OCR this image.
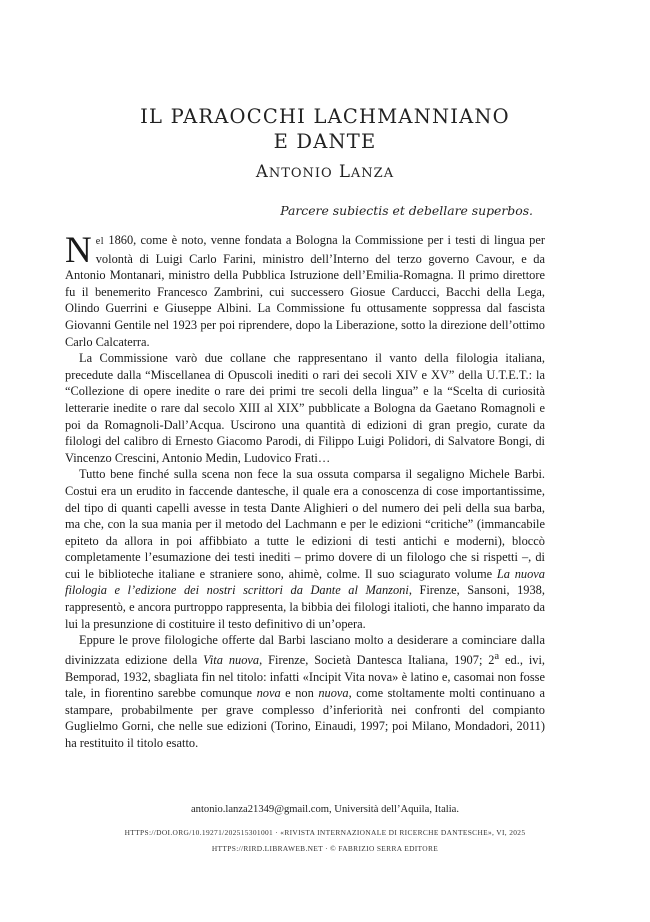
IL PARAOCCHI LACHMANNIANO
E DANTE
ANTONIO LANZA
Parcere subiectis et debellare superbos.

Nel 1860, come è noto, venne fondata a Bologna la Commissione per i testi di lingua per volontà di Luigi Carlo Farini, ministro dell’Interno del terzo governo Cavour, e da Antonio Montanari, ministro della Pubblica Istruzione dell’Emilia-Romagna. Il primo direttore fu il benemerito Francesco Zambrini, cui successero Giosue Carducci, Bacchi della Lega, Olindo Guerrini e Giuseppe Albini. La Commissione fu ottusamente soppressa dal fascista Giovanni Gentile nel 1923 per poi riprendere, dopo la Liberazione, sotto la direzione dell’ottimo Carlo Calcaterra.

La Commissione varò due collane che rappresentano il vanto della filologia italiana, precedute dalla “Miscellanea di Opuscoli inediti o rari dei secoli XIV e XV” della U.T.E.T.: la “Collezione di opere inedite o rare dei primi tre secoli della lingua” e la “Scelta di curiosità letterarie inedite o rare dal secolo XIII al XIX” pubblicate a Bologna da Gaetano Romagnoli e poi da Romagnoli-Dall’Acqua. Uscirono una quantità di edizioni di gran pregio, curate da filologi del calibro di Ernesto Giacomo Parodi, di Filippo Luigi Polidori, di Salvatore Bongi, di Vincenzo Crescini, Antonio Medin, Ludovico Frati…

Tutto bene finché sulla scena non fece la sua ossuta comparsa il segaligno Michele Barbi. Costui era un erudito in faccende dantesche, il quale era a conoscenza di cose importantissime, del tipo di quanti capelli avesse in testa Dante Alighieri o del numero dei peli della sua barba, ma che, con la sua mania per il metodo del Lachmann e per le edizioni “critiche” (immancabile epiteto da allora in poi affibbiato a tutte le edizioni di testi antichi e moderni), bloccò completamente l’esumazione dei testi inediti – primo dovere di un filologo che si rispetti –, di cui le biblioteche italiane e straniere sono, ahimè, colme. Il suo sciagurato volume La nuova filologia e l’edizione dei nostri scrittori da Dante al Manzoni, Firenze, Sansoni, 1938, rappresentò, e ancora purtroppo rappresenta, la bibbia dei filologi italioti, che hanno imparato da lui la presunzione di costituire il testo definitivo di un’opera.

Eppure le prove filologiche offerte dal Barbi lasciano molto a desiderare a cominciare dalla divinizzata edizione della Vita nuova, Firenze, Società Dantesca Italiana, 1907; 2$^a$ ed., ivi, Bemporad, 1932, sbagliata fin nel titolo: infatti «Incipit Vita nova» è latino e, casomai non fosse tale, in fiorentino sarebbe comunque nova e non nuova, come stoltamente molti continuano a stampare, probabilmente per grave complesso d’inferiorità nei confronti del compianto Guglielmo Gorni, che nelle sue edizioni (Torino, Einaudi, 1997; poi Milano, Mondadori, 2011) ha restituito il titolo esatto.

antonio.lanza21349@gmail.com, Università dell’Aquila, Italia.
HTTPS://DOI.ORG/10.19271/202515301001 · «RIVISTA INTERNAZIONALE DI RICERCHE DANTESCHE», VI, 2025
HTTPS://RIRD.LIBRAWEB.NET · © FABRIZIO SERRA EDITORE
